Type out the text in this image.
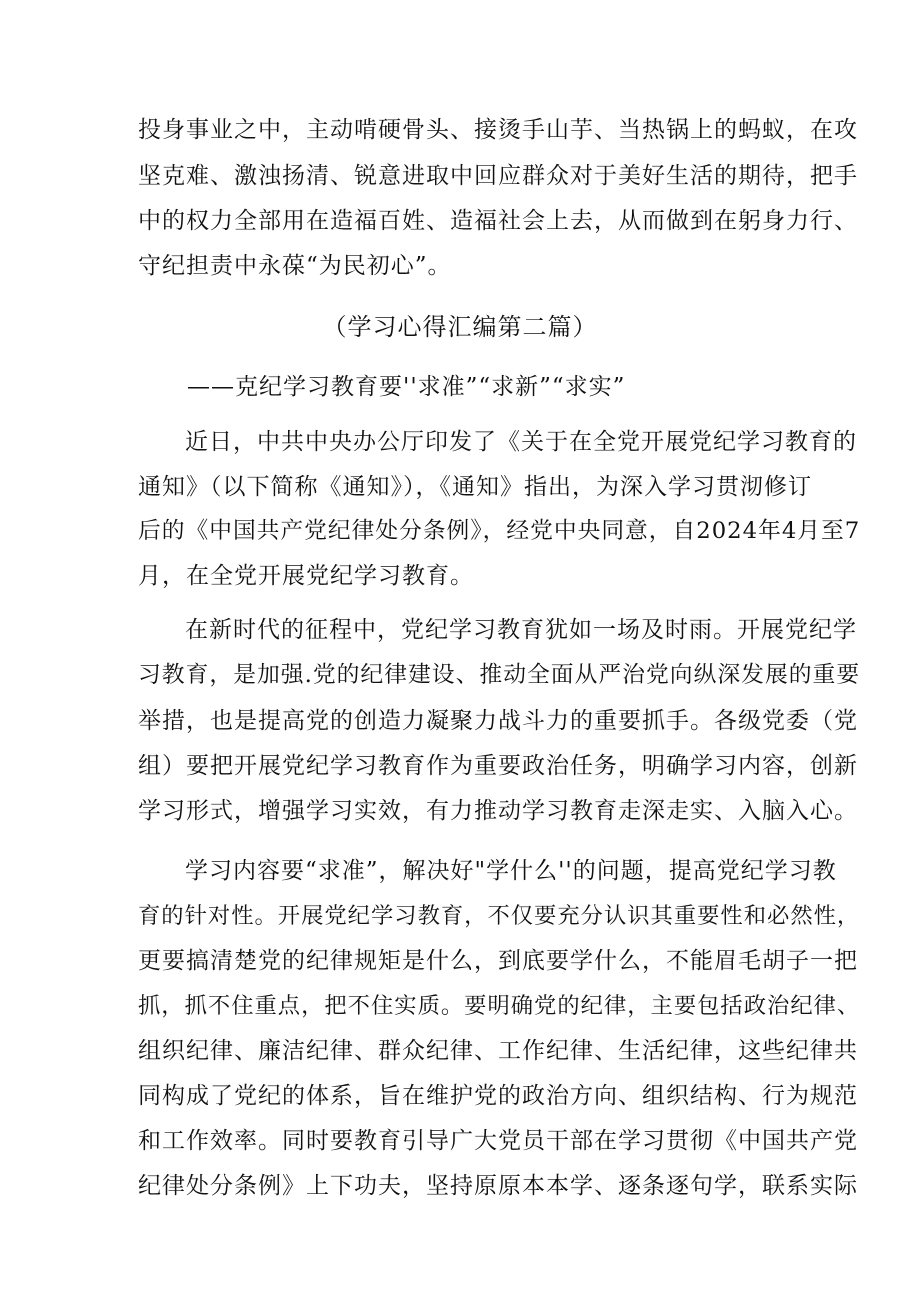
投身事业之中，主动啃硬骨头、接烫手山芋、当热锅上的蚂蚁，在攻
坚克难、激浊扬清、锐意进取中回应群众对于美好生活的期待，把手
中的权力全部用在造福百姓、造福社会上去，从而做到在躬身力行、
守纪担责中永葆“为民初心”。
（学习心得汇编第二篇）
——克纪学习教育要''求准”“求新”“求实”
近日，中共中央办公厅印发了《关于在全党开展党纪学习教育的
通知》（以下简称《通知》），《通知》指出，为深入学习贯沏修订
后的《中国共产党纪律处分条例》，经党中央同意，自2024年4月至7
月，在全党开展党纪学习教育。
在新时代的征程中，党纪学习教育犹如一场及时雨。开展党纪学
习教育，是加强.党的纪律建设、推动全面从严治党向纵深发展的重要
举措，也是提高党的创造力凝聚力战斗力的重要抓手。各级党委（党
组）要把开展党纪学习教育作为重要政治任务，明确学习内容，创新
学习形式，增强学习实效，有力推动学习教育走深走实、入脑入心。
学习内容要“求准”，解决好"学什么''的问题，提高党纪学习教
育的针对性。开展党纪学习教育，不仅要充分认识其重要性和必然性，
更要搞清楚党的纪律规矩是什么，到底要学什么，不能眉毛胡子一把
抓，抓不住重点，把不住实质。要明确党的纪律，主要包括政治纪律、
组织纪律、廉洁纪律、群众纪律、工作纪律、生活纪律，这些纪律共
同构成了党纪的体系，旨在维护党的政治方向、组织结构、行为规范
和工作效率。同时要教育引导广大党员干部在学习贯彻《中国共产党
纪律处分条例》上下功夫，坚持原原本本学、逐条逐句学，联系实际
